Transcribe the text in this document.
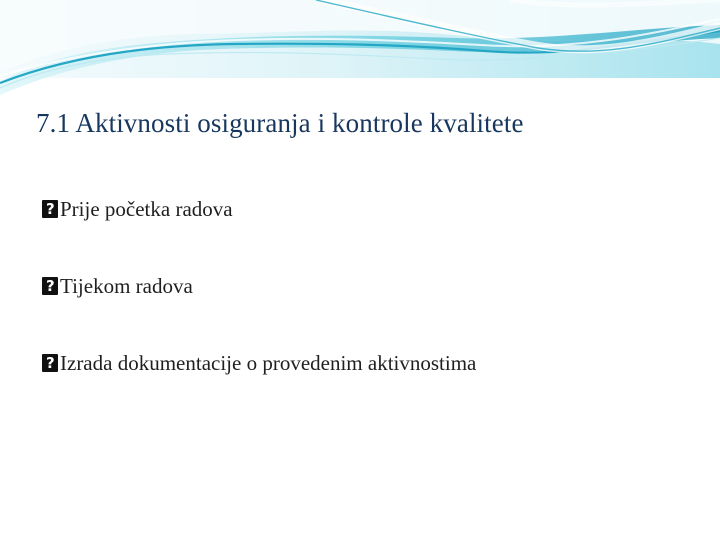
7.1 Aktivnosti osiguranja i kontrole kvalitete
?
Prije početka radova
?
Tijekom radova
?
Izrada dokumentacije o provedenim aktivnostima
